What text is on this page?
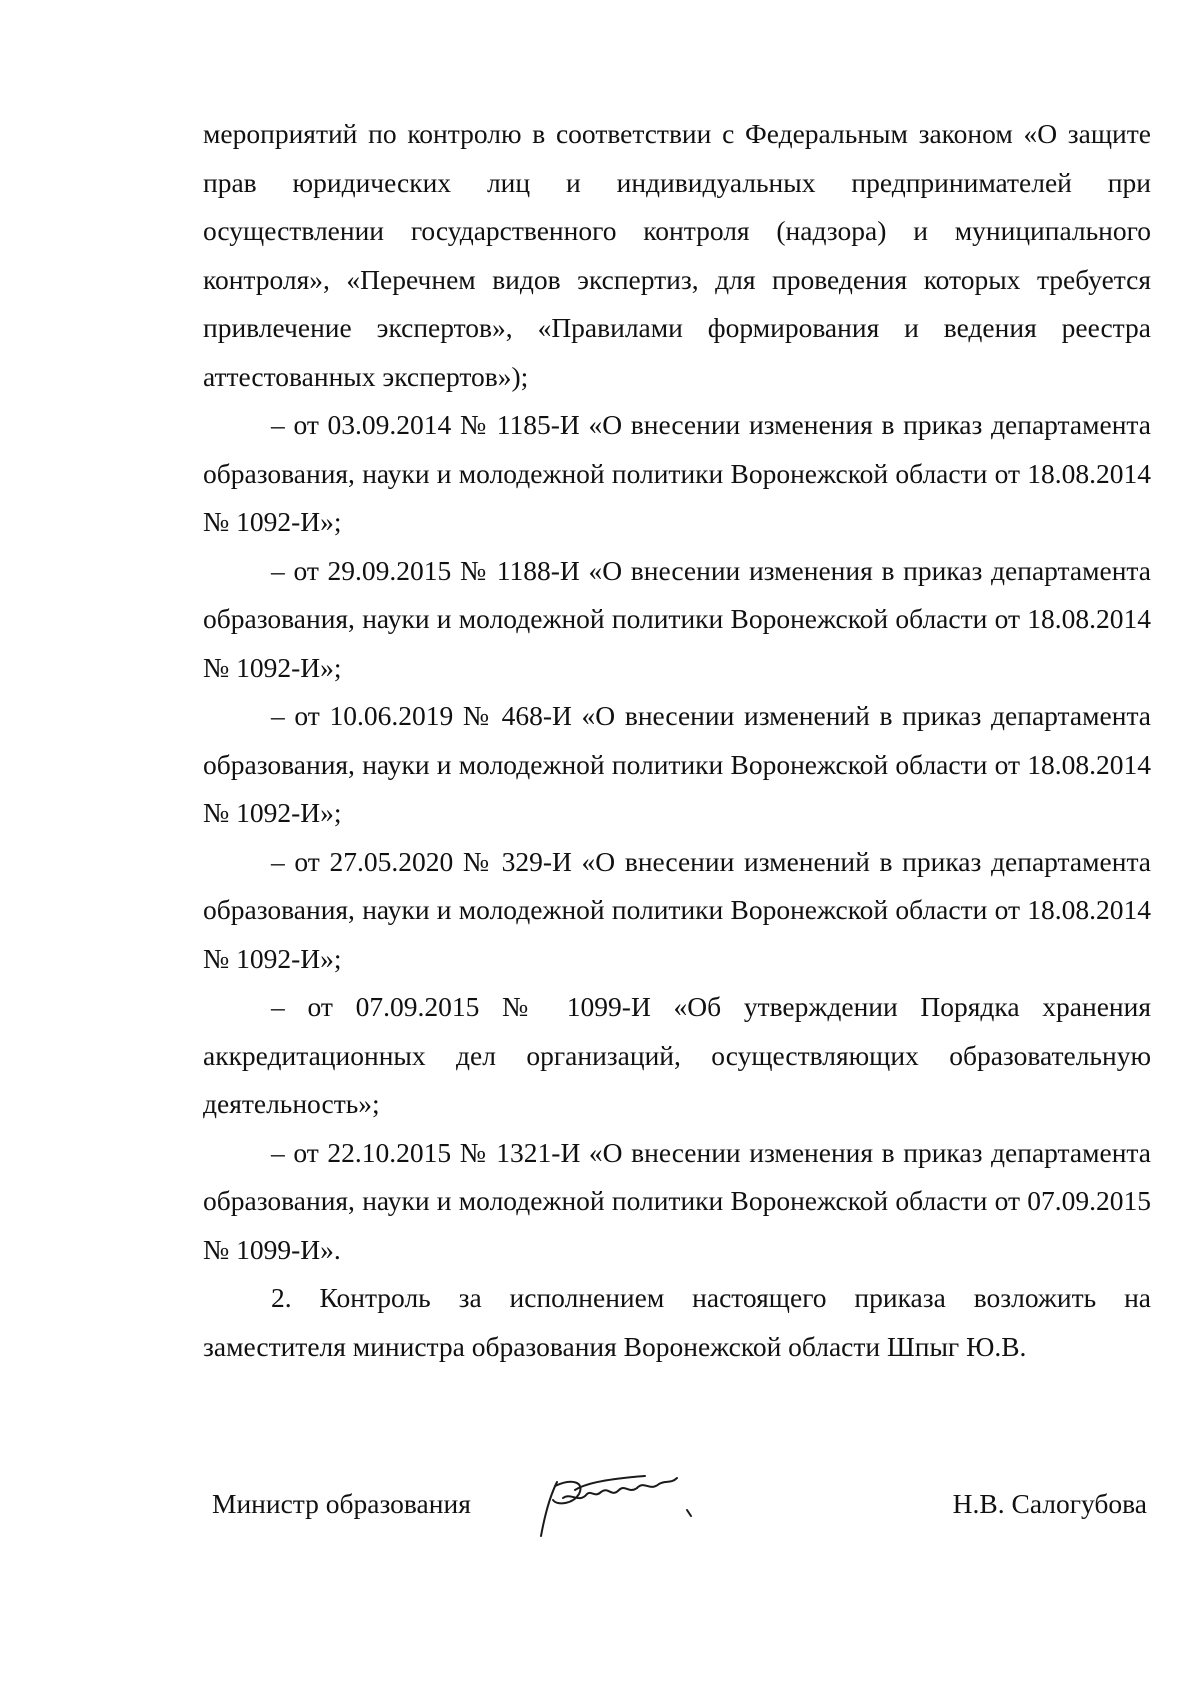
мероприятий по контролю в соответствии с Федеральным законом «О защите прав юридических лиц и индивидуальных предпринимателей при осуществлении государственного контроля (надзора) и муниципального контроля», «Перечнем видов экспертиз, для проведения которых требуется привлечение экспертов», «Правилами формирования и ведения реестра аттестованных экспертов»);

– от 03.09.2014 № 1185-И «О внесении изменения в приказ департамента образования, науки и молодежной политики Воронежской области от 18.08.2014 № 1092-И»;

– от 29.09.2015 № 1188-И «О внесении изменения в приказ департамента образования, науки и молодежной политики Воронежской области от 18.08.2014 № 1092-И»;

– от 10.06.2019 № 468-И «О внесении изменений в приказ департамента образования, науки и молодежной политики Воронежской области от 18.08.2014 № 1092-И»;

– от 27.05.2020 № 329-И «О внесении изменений в приказ департамента образования, науки и молодежной политики Воронежской области от 18.08.2014 № 1092-И»;

– от 07.09.2015 № 1099-И «Об утверждении Порядка хранения аккредитационных дел организаций, осуществляющих образовательную деятельность»;

– от 22.10.2015 № 1321-И «О внесении изменения в приказ департамента образования, науки и молодежной политики Воронежской области от 07.09.2015 № 1099-И».

2. Контроль за исполнением настоящего приказа возложить на заместителя министра образования Воронежской области Шпыг Ю.В.

Министр образования	Н.В. Салогубова
